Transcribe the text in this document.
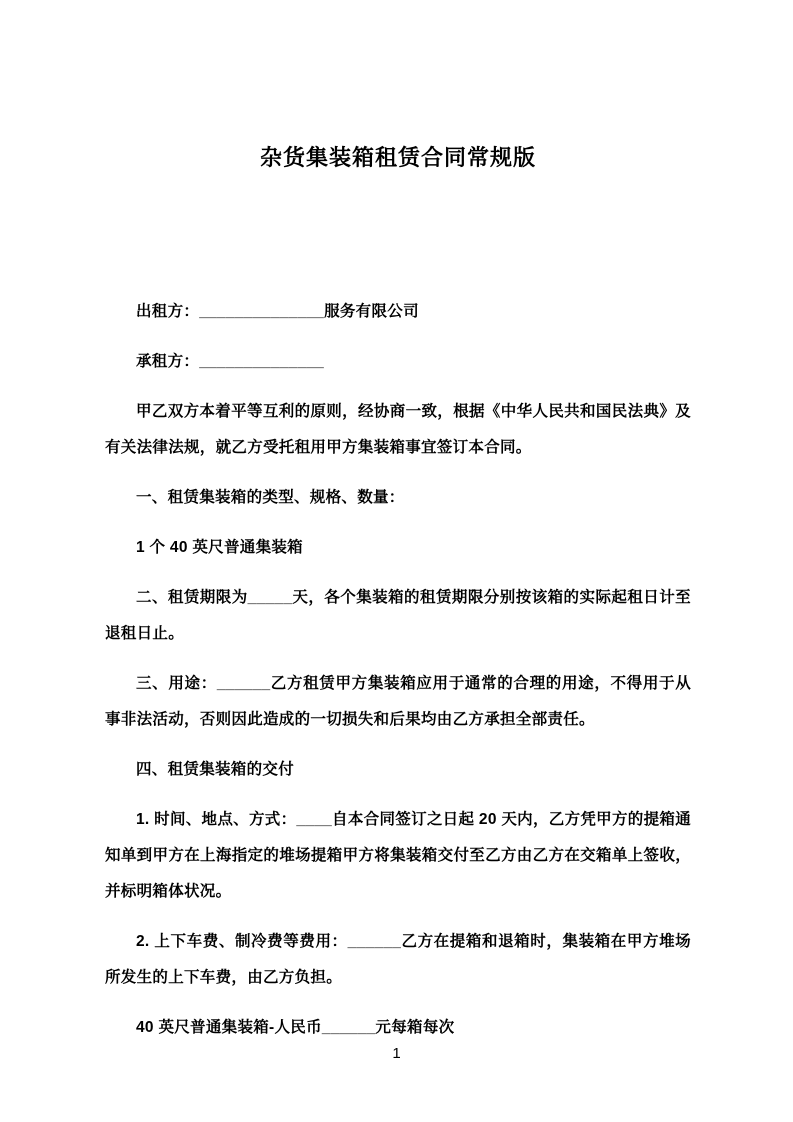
杂货集装箱租赁合同常规版

出租方：______________服务有限公司

承租方：______________

甲乙双方本着平等互利的原则，经协商一致，根据《中华人民共和国民法典》及有关法律法规，就乙方受托租用甲方集装箱事宜签订本合同。

一、租赁集装箱的类型、规格、数量：

1 个 40 英尺普通集装箱

二、租赁期限为_____天，各个集装箱的租赁期限分别按该箱的实际起租日计至退租日止。

三、用途：______乙方租赁甲方集装箱应用于通常的合理的用途，不得用于从事非法活动，否则因此造成的一切损失和后果均由乙方承担全部责任。

四、租赁集装箱的交付

1. 时间、地点、方式：____自本合同签订之日起 20 天内，乙方凭甲方的提箱通知单到甲方在上海指定的堆场提箱甲方将集装箱交付至乙方由乙方在交箱单上签收，并标明箱体状况。

2. 上下车费、制冷费等费用：______乙方在提箱和退箱时，集装箱在甲方堆场所发生的上下车费，由乙方负担。

40 英尺普通集装箱-人民币______元每箱每次

1
